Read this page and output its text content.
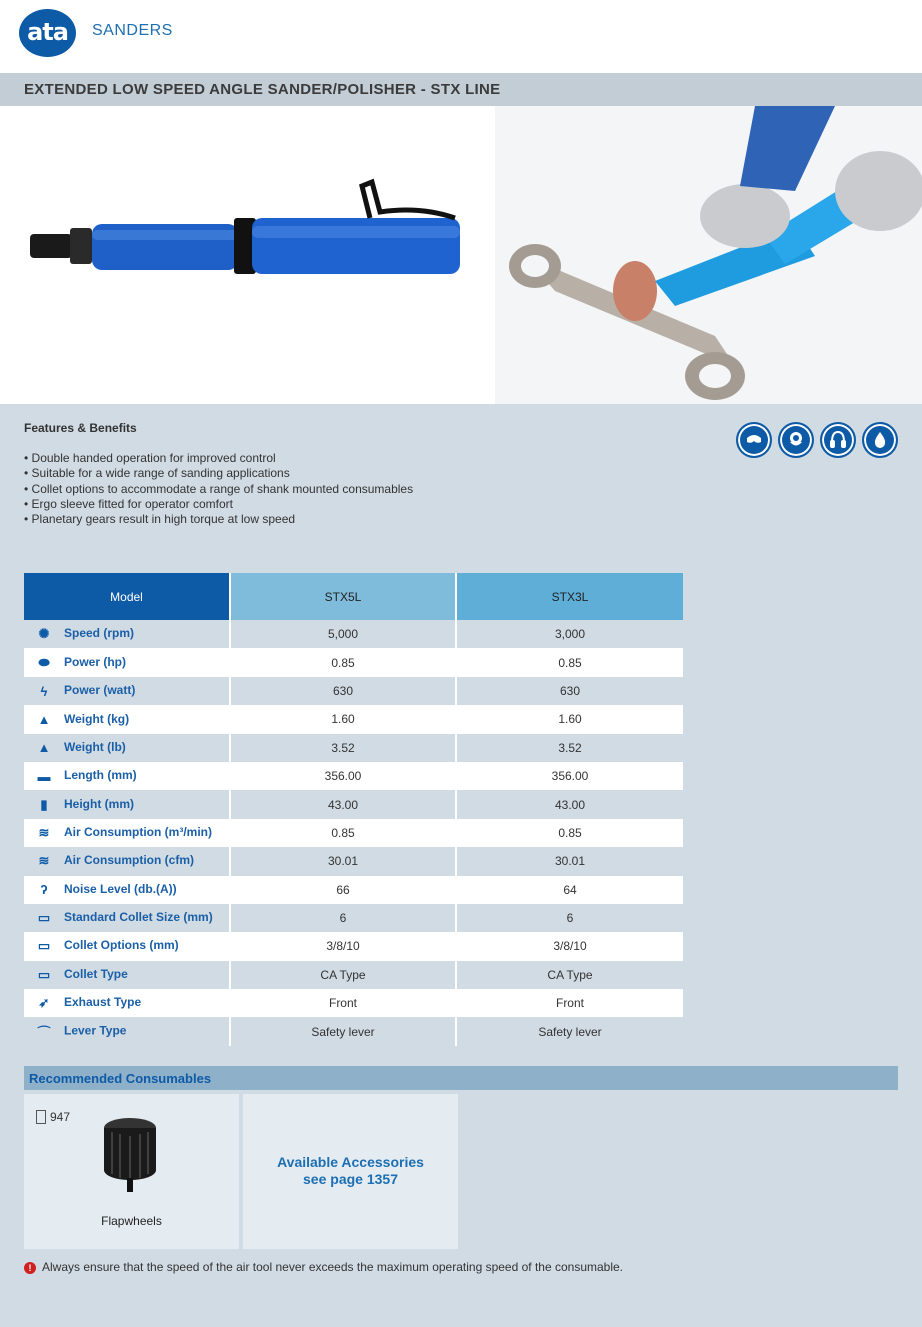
ata	SANDERS
EXTENDED LOW SPEED ANGLE SANDER/POLISHER - STX LINE
Features & Benefits
• Double handed operation for improved control
• Suitable for a wide range of sanding applications
• Collet options to accommodate a range of shank mounted consumables
• Ergo sleeve fitted for operator comfort
• Planetary gears result in high torque at low speed
Model	STX5L	STX3L
✺ Speed (rpm)	5,000	3,000
⬬ Power (hp)	0.85	0.85
ϟ Power (watt)	630	630
▲ Weight (kg)	1.60	1.60
▲ Weight (lb)	3.52	3.52
▬ Length (mm)	356.00	356.00
▮ Height (mm)	43.00	43.00
≋ Air Consumption (m³/min)	0.85	0.85
≋ Air Consumption (cfm)	30.01	30.01
ʔ Noise Level (db.(A))	66	64
▭ Standard Collet Size (mm)	6	6
▭ Collet Options (mm)	3/8/10	3/8/10
▭ Collet Type	CA Type	CA Type
➶ Exhaust Type	Front	Front
⌒ Lever Type	Safety lever	Safety lever
Recommended Consumables
947
Flapwheels
Available Accessories
see page 1357
! Always ensure that the speed of the air tool never exceeds the maximum operating speed of the consumable.
